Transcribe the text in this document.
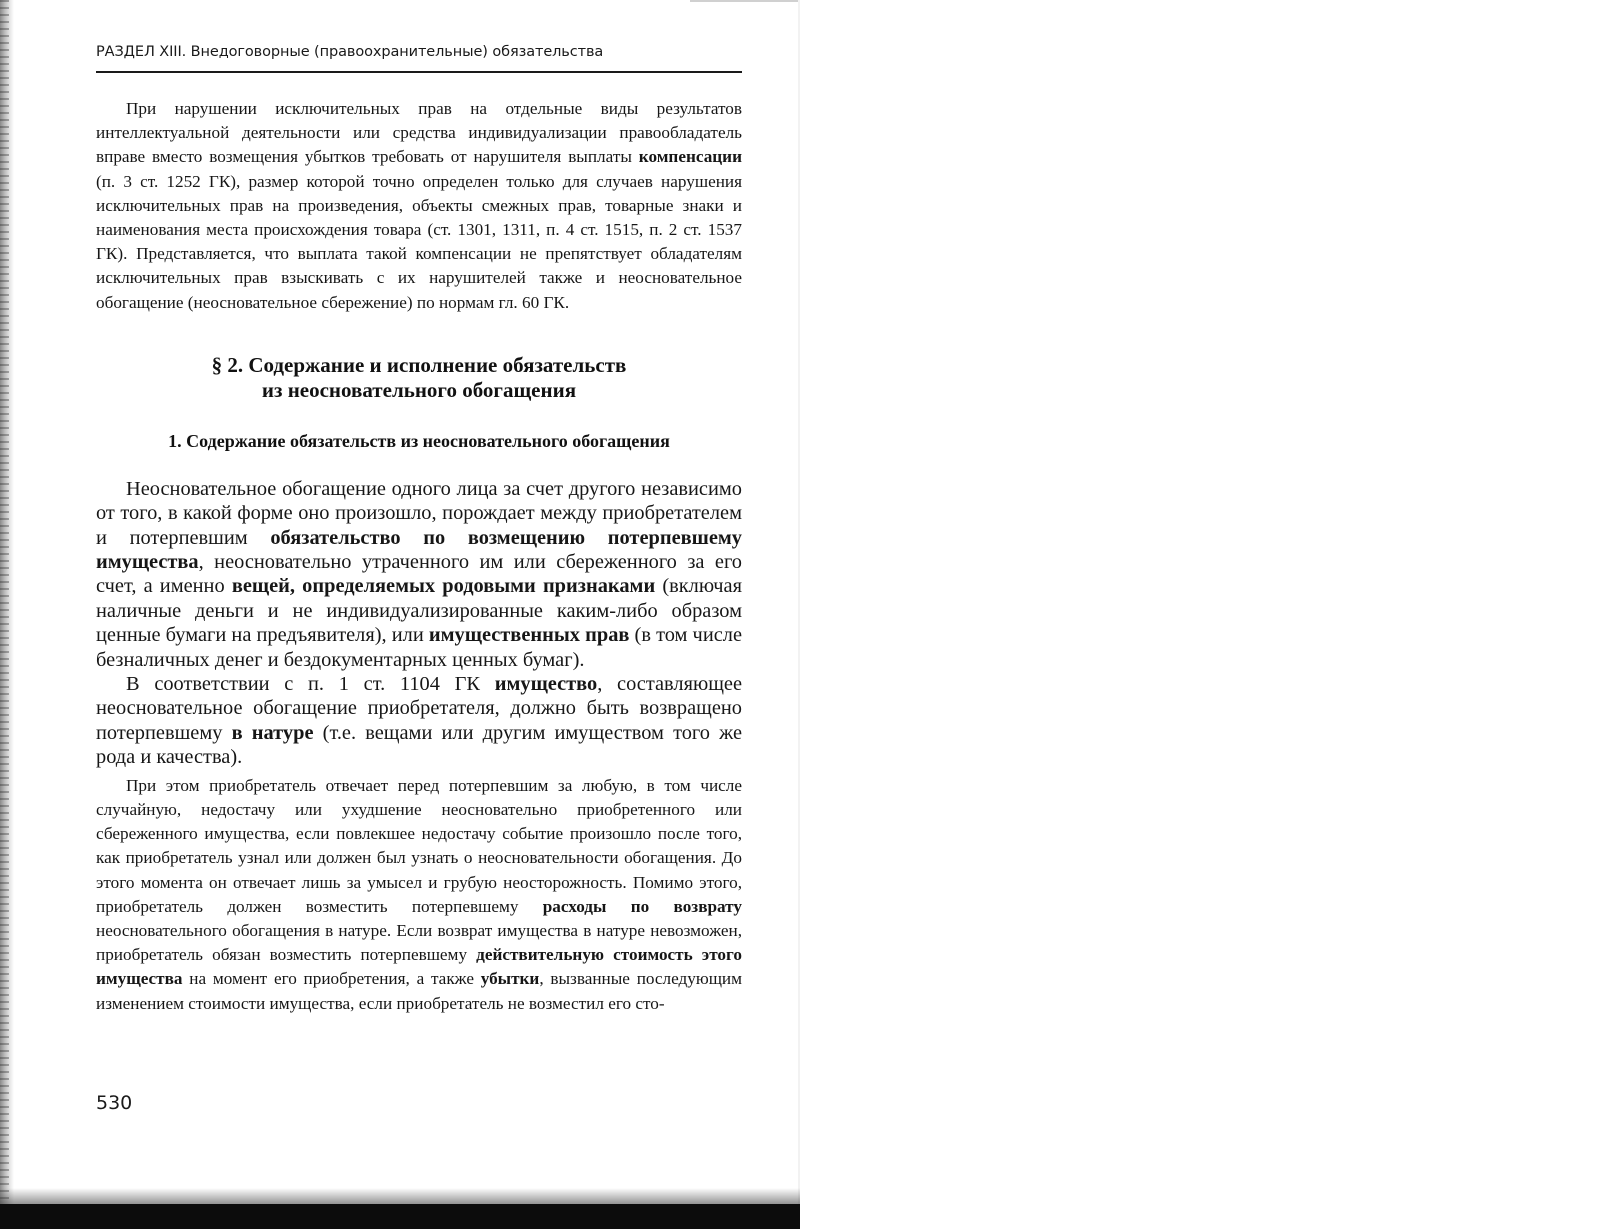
РАЗДЕЛ XIII. Внедоговорные (правоохранительные) обязательства

При нарушении исключительных прав на отдельные виды результатов интеллектуальной деятельности или средства индивидуализации правообладатель вправе вместо возмещения убытков требовать от нарушителя выплаты компенсации (п. 3 ст. 1252 ГК), размер которой точно определен только для случаев нарушения исключительных прав на произведения, объекты смежных прав, товарные знаки и наименования места происхождения товара (ст. 1301, 1311, п. 4 ст. 1515, п. 2 ст. 1537 ГК). Представляется, что выплата такой компенсации не препятствует обладателям исключительных прав взыскивать с их нарушителей также и неосновательное обогащение (неосновательное сбережение) по нормам гл. 60 ГК.

§ 2. Содержание и исполнение обязательств
из неосновательного обогащения
1. Содержание обязательств из неосновательного обогащения

Неосновательное обогащение одного лица за счет другого независимо от того, в какой форме оно произошло, порождает между приобретателем и потерпевшим обязательство по возмещению потерпевшему имущества, неосновательно утраченного им или сбереженного за его счет, а именно вещей, определяемых родовыми признаками (включая наличные деньги и не индивидуализированные каким-либо образом ценные бумаги на предъявителя), или имущественных прав (в том числе безналичных денег и бездокументарных ценных бумаг).

В соответствии с п. 1 ст. 1104 ГК имущество, составляющее неосновательное обогащение приобретателя, должно быть возвращено потерпевшему в натуре (т.е. вещами или другим имуществом того же рода и качества).

При этом приобретатель отвечает перед потерпевшим за любую, в том числе случайную, недостачу или ухудшение неосновательно приобретенного или сбереженного имущества, если повлекшее недостачу событие произошло после того, как приобретатель узнал или должен был узнать о неосновательности обогащения. До этого момента он отвечает лишь за умысел и грубую неосторожность. Помимо этого, приобретатель должен возместить потерпевшему расходы по возврату неосновательного обогащения в натуре. Если возврат имущества в натуре невозможен, приобретатель обязан возместить потерпевшему действительную стоимость этого имущества на момент его приобретения, а также убытки, вызванные последующим изменением стоимости имущества, если приобретатель не возместил его сто-

530
